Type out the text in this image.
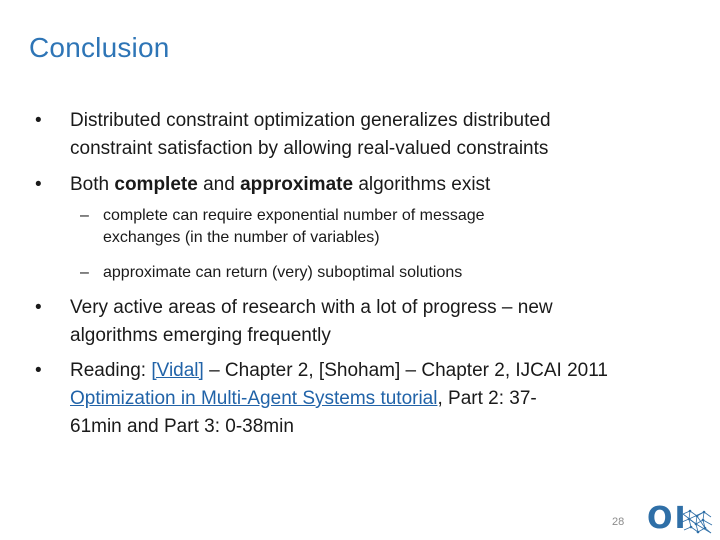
Conclusion
• Distributed constraint optimization generalizes distributed
constraint satisfaction by allowing real-valued constraints
• Both complete and approximate algorithms exist
– complete can require exponential number of message
exchanges (in the number of variables)
– approximate can return (very) suboptimal solutions
• Very active areas of research with a lot of progress – new
algorithms emerging frequently
• Reading: [Vidal] – Chapter 2, [Shoham] – Chapter 2, IJCAI 2011
Optimization in Multi-Agent Systems tutorial, Part 2: 37-
61min and Part 3: 0-38min
28 OI
